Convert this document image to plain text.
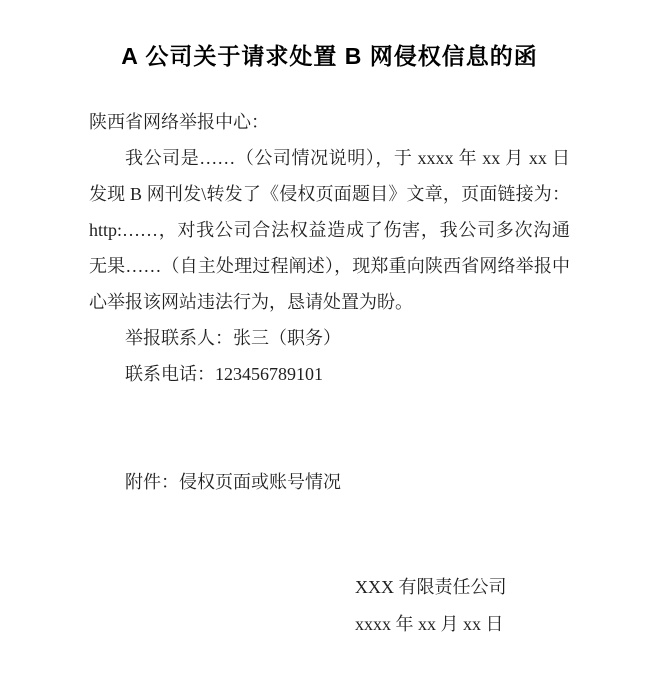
A 公司关于请求处置 B 网侵权信息的函

陕西省网络举报中心：

我公司是……（公司情况说明），于 xxxx 年 xx 月 xx 日

发现 B 网刊发\转发了《侵权页面题目》文章，页面链接为：

http:……，对我公司合法权益造成了伤害，我公司多次沟通

无果……（自主处理过程阐述），现郑重向陕西省网络举报中

心举报该网站违法行为，恳请处置为盼。

举报联系人：张三（职务）

联系电话：123456789101

附件：侵权页面或账号情况

XXX 有限责任公司

xxxx 年 xx 月 xx 日
